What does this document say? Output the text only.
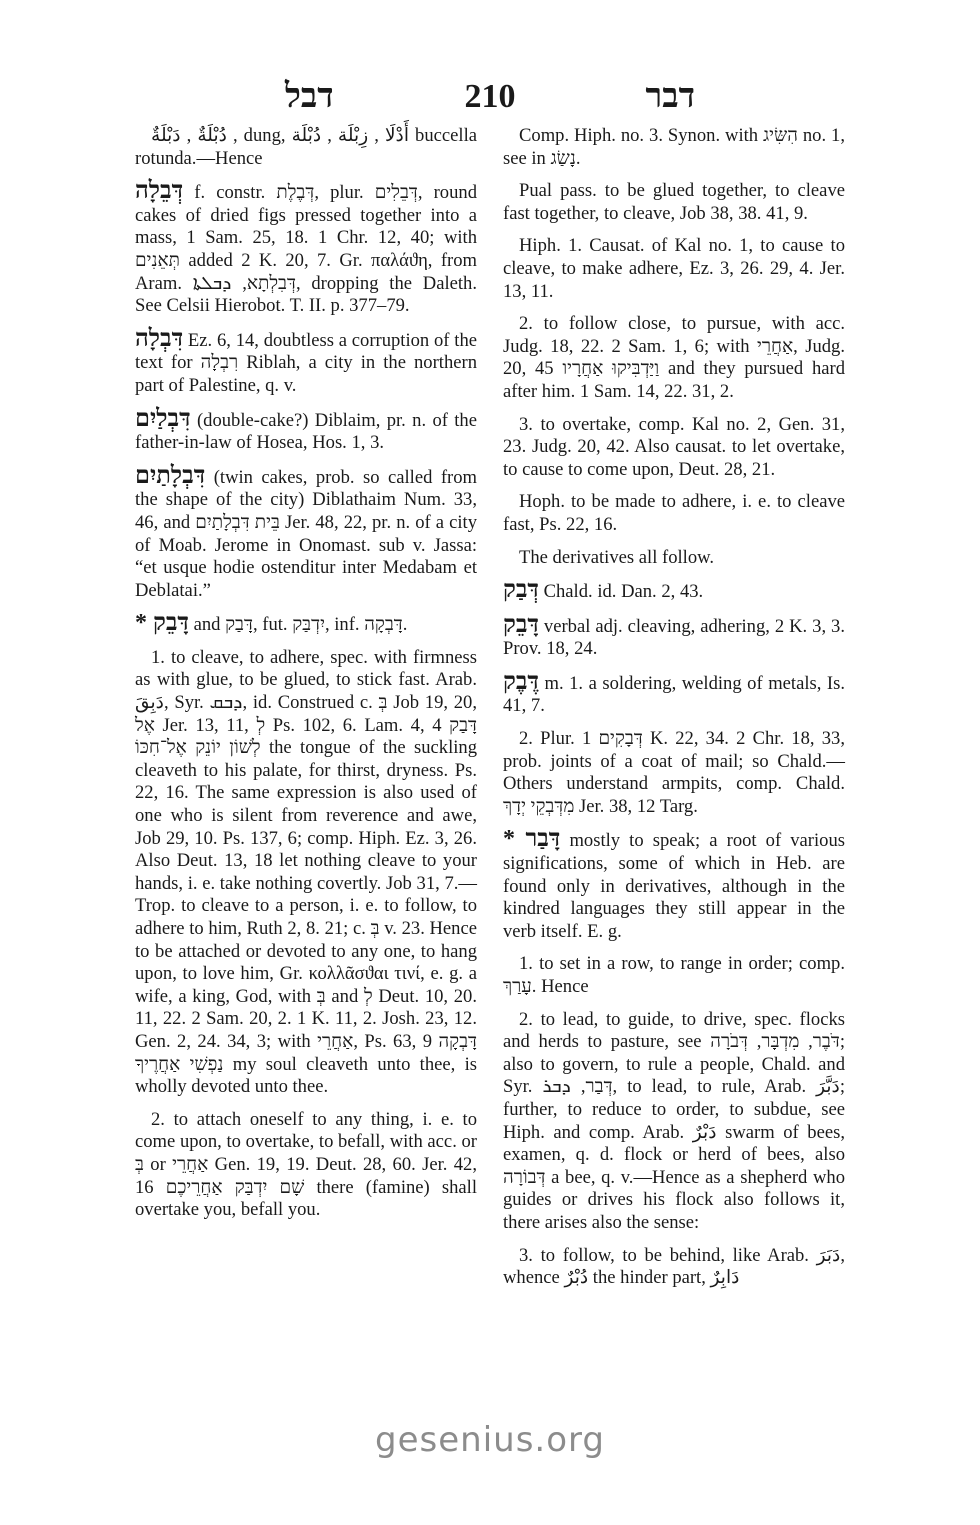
210
דבל	דבר

دُبْلَةٌ , دَبْلَةٌ , dung, أَدْلَا , زِبْلَة , دُبْلَة buccella rotunda.—Hence

דְּבֵלָה f. constr. דְּבֶלֶת, plur. דְּבֵלִים, round cakes of dried figs pressed together into a mass, 1 Sam. 25, 18. 1 Chr. 12, 40; with תְּאֵנִים added 2 K. 20, 7. Gr. παλάϑη, from Aram. דְּבִלְתָא, ܕܒܠܬܐ, dropping the Daleth. See Celsii Hierobot. T. II. p. 377–79.

דִּבְלָה Ez. 6, 14, doubtless a corruption of the text for רִבְלָה Riblah, a city in the northern part of Palestine, q. v.

דִּבְלַיִם (double-cake?) Diblaim, pr. n. of the father-in-law of Hosea, Hos. 1, 3.

דִּבְלָתַיִם (twin cakes, prob. so called from the shape of the city) Diblathaim Num. 33, 46, and בֵּית דִּבְלָתַיִם Jer. 48, 22, pr. n. of a city of Moab. Jerome in Onomast. sub v. Jassa: “et usque hodie ostenditur inter Medabam et Deblatai.”

* דָּבֵק and דָּבַק, fut. יִדְבַּק, inf. דָּבְקָה.

1. to cleave, to adhere, spec. with firmness as with glue, to be glued, to stick fast. Arab. دَبِقَ, Syr. ܕܒܩ, id. Construed c. בְּ Job 19, 20, אֶל Jer. 13, 11, לְ Ps. 102, 6. Lam. 4, 4 דָּבַק לְשׁוֹן יוֹנֵק אֶל־חִכּוֹ the tongue of the suckling cleaveth to his palate, for thirst, dryness. Ps. 22, 16. The same expression is also used of one who is silent from reverence and awe, Job 29, 10. Ps. 137, 6; comp. Hiph. Ez. 3, 26. Also Deut. 13, 18 let nothing cleave to your hands, i. e. take nothing covertly. Job 31, 7.—Trop. to cleave to a person, i. e. to follow, to adhere to him, Ruth 2, 8. 21; c. בְּ v. 23. Hence to be attached or devoted to any one, to hang upon, to love him, Gr. κολλᾶσϑαι τινί, e. g. a wife, a king, God, with בְּ and לְ Deut. 10, 20. 11, 22. 2 Sam. 20, 2. 1 K. 11, 2. Josh. 23, 12. Gen. 2, 24. 34, 3; with אַחֲרֵי, Ps. 63, 9 דָּבְקָה נַפְשִׁי אַחֲרֶיךָ my soul cleaveth unto thee, is wholly devoted unto thee.

2. to attach oneself to any thing, i. e. to come upon, to overtake, to befall, with acc. or בְּ or אַחֲרֵי Gen. 19, 19. Deut. 28, 60. Jer. 42, 16 שָׁם יִדְבַּק אַחֲרֵיכֶם there (famine) shall overtake you, befall you.

Comp. Hiph. no. 3. Synon. with הִשִּׂיג no. 1, see in נָשַׂג.

Pual pass. to be glued together, to cleave fast together, to cleave, Job 38, 38. 41, 9.

Hiph. 1. Causat. of Kal no. 1, to cause to cleave, to make adhere, Ez. 3, 26. 29, 4. Jer. 13, 11.

2. to follow close, to pursue, with acc. Judg. 18, 22. 2 Sam. 1, 6; with אַחֲרֵי, Judg. 20, 45 וַיַּדְבִּיקוּ אַחֲרָיו and they pursued hard after him. 1 Sam. 14, 22. 31, 2.

3. to overtake, comp. Kal no. 2, Gen. 31, 23. Judg. 20, 42. Also causat. to let overtake, to cause to come upon, Deut. 28, 21.

Hoph. to be made to adhere, i. e. to cleave fast, Ps. 22, 16.

The derivatives all follow.

דְּבַק Chald. id. Dan. 2, 43.

דָּבֵק verbal adj. cleaving, adhering, 2 K. 3, 3. Prov. 18, 24.

דֶּבֶק m. 1. a soldering, welding of metals, Is. 41, 7.

2. Plur. דְּבָקִים 1 K. 22, 34. 2 Chr. 18, 33, prob. joints of a coat of mail; so Chald.— Others understand armpits, comp. Chald. מִדְּבְקֵי יְדָךְ Jer. 38, 12 Targ.

* דָּבַר mostly to speak; a root of various significations, some of which in Heb. are found only in derivatives, although in the kindred languages they still appear in the verb itself. E. g.

1. to set in a row, to range in order; comp. עָרַךְ. Hence

2. to lead, to guide, to drive, spec. flocks and herds to pasture, see דֹּבֶר, מִדְבָּר, דְּבֹרָה; also to govern, to rule a people, Chald. and Syr. דְּבַר, ܕܒܪ, to lead, to rule, Arab. دَبَّرَ; further, to reduce to order, to subdue, see Hiph. and comp. Arab. دَبْرٌ swarm of bees, examen, q. d. flock or herd of bees, also דְּבוֹרָה a bee, q. v.—Hence as a shepherd who guides or drives his flock also follows it, there arises also the sense:

3. to follow, to be behind, like Arab. دَبَرَ, whence دُبْرٌ the hinder part, دَابِرٌ

gesenius.org
